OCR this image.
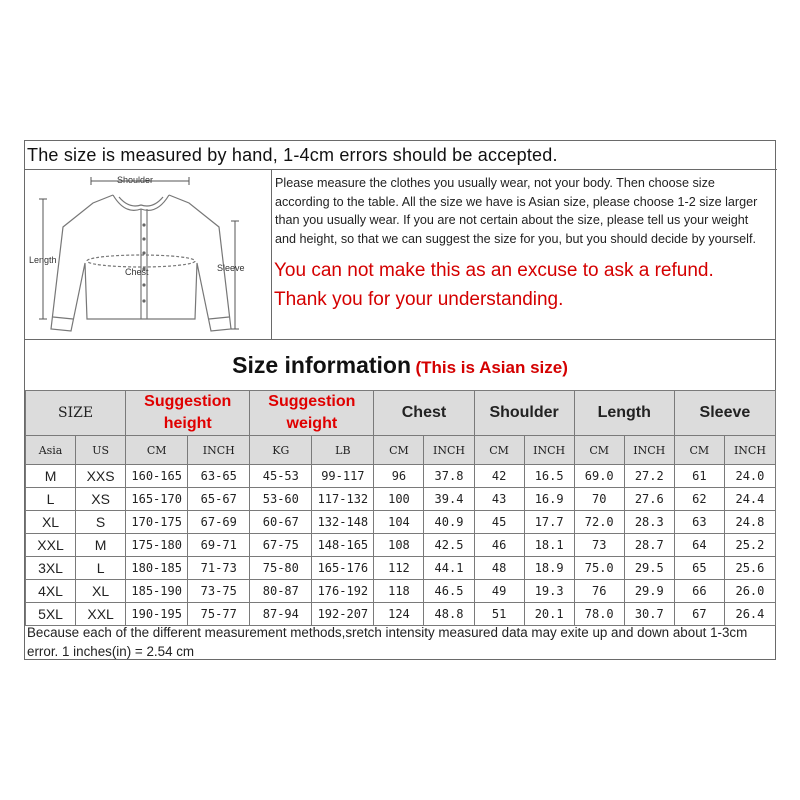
The size is measured by hand, 1-4cm errors should be accepted.
Shoulder
Length
Chest	Sleeve

Please measure the clothes you usually wear, not your body. Then choose size according to the table. All the size we have is Asian size, please choose 1-2 size larger than you usually wear. If you are not certain about the size, please tell us your weight and height, so that we can suggest the size for you, but you should decide by yourself.

You can not make this as an excuse to ask a refund.
Thank you for your understanding.

Size information (This is Asian size)
SIZE		Suggestion height		Suggestion weight		Chest		Shoulder		Length		Sleeve	
Asia	US	CM	INCH	KG	LB	CM	INCH	CM	INCH	CM	INCH	CM	INCH
M	XXS	160-165	63-65	45-53	99-117	96	37.8	42	16.5	69.0	27.2	61	24.0
L	XS	165-170	65-67	53-60	117-132	100	39.4	43	16.9	70	27.6	62	24.4
XL	S	170-175	67-69	60-67	132-148	104	40.9	45	17.7	72.0	28.3	63	24.8
XXL	M	175-180	69-71	67-75	148-165	108	42.5	46	18.1	73	28.7	64	25.2
3XL	L	180-185	71-73	75-80	165-176	112	44.1	48	18.9	75.0	29.5	65	25.6
4XL	XL	185-190	73-75	80-87	176-192	118	46.5	49	19.3	76	29.9	66	26.0
5XL	XXL	190-195	75-77	87-94	192-207	124	48.8	51	20.1	78.0	30.7	67	26.4
Because each of the different measurement methods,sretch intensity measured data may exite up and down about 1-3cm error. 1 inches(in) = 2.54 cm
